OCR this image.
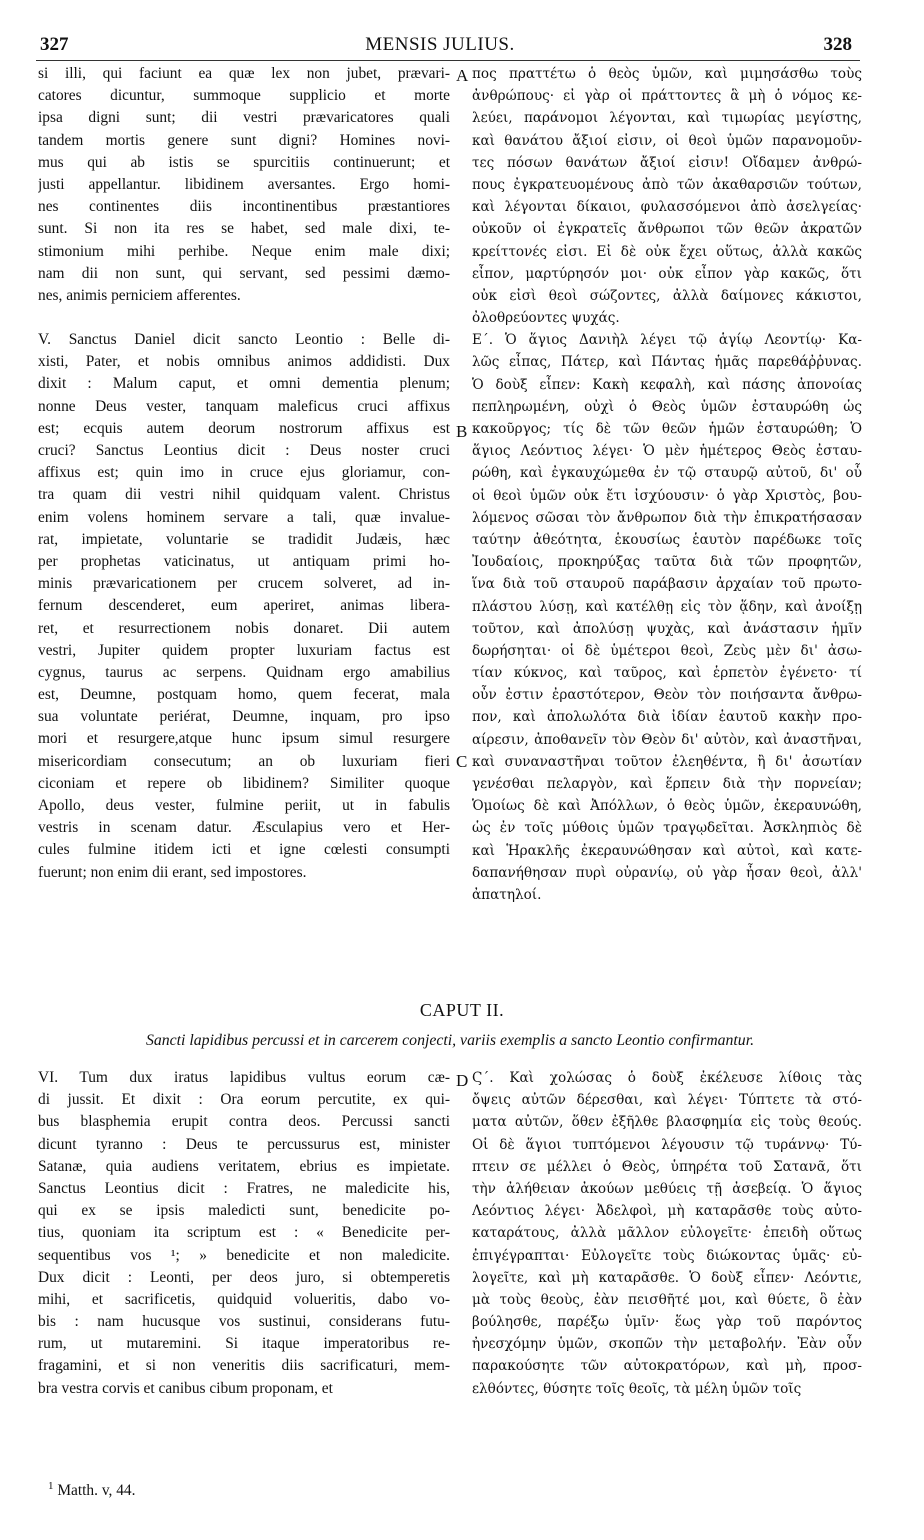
327	MENSIS JULIUS.	328
si illi, qui faciunt ea quæ lex non jubet, prævari-
catores dicuntur, summoque supplicio et morte
ipsa digni sunt; dii vestri prævaricatores quali
tandem mortis genere sunt digni? Homines novi-
mus qui ab istis se spurcitiis continuerunt; et
justi appellantur. libidinem aversantes. Ergo homi-
nes continentes diis incontinentibus præstantiores
sunt. Si non ita res se habet, sed male dixi, te-
stimonium mihi perhibe. Neque enim male dixi;
nam dii non sunt, qui servant, sed pessimi dæmo-
nes, animis perniciem afferentes.
V. Sanctus Daniel dicit sancto Leontio : Belle di-
xisti, Pater, et nobis omnibus animos addidisti. Dux
dixit : Malum caput, et omni dementia plenum;
nonne Deus vester, tanquam maleficus cruci affixus
est; ecquis autem deorum nostrorum affixus est
cruci? Sanctus Leontius dicit : Deus noster cruci
affixus est; quin imo in cruce ejus gloriamur, con-
tra quam dii vestri nihil quidquam valent. Christus
enim volens hominem servare a tali, quæ invalue-
rat, impietate, voluntarie se tradidit Judæis, hæc
per prophetas vaticinatus, ut antiquam primi ho-
minis prævaricationem per crucem solveret, ad in-
fernum descenderet, eum aperiret, animas libera-
ret, et resurrectionem nobis donaret. Dii autem
vestri, Jupiter quidem propter luxuriam factus est
cygnus, taurus ac serpens. Quidnam ergo amabilius
est, Deumne, postquam homo, quem fecerat, mala
sua voluntate periérat, Deumne, inquam, pro ipso
mori et resurgere,atque hunc ipsum simul resurgere
misericordiam consecutum; an ob luxuriam fieri
ciconiam et repere ob libidinem? Similiter quoque
Apollo, deus vester, fulmine periit, ut in fabulis
vestris in scenam datur. Æsculapius vero et Her-
cules fulmine itidem icti et igne cœlesti consumpti
fuerunt; non enim dii erant, sed impostores.
πος πραττέτω ὁ θεὸς ὑμῶν, καὶ μιμησάσθω τοὺς
ἀνθρώπους· εἰ γὰρ οἱ πράττοντες ἃ μὴ ὁ νόμος κε-
λεύει, παράνομοι λέγονται, καὶ τιμωρίας μεγίστης,
καὶ θανάτου ἄξιοί εἰσιν, οἱ θεοὶ ὑμῶν παρανομοῦν-
τες πόσων θανάτων ἄξιοί εἰσιν! Οἴδαμεν ἀνθρώ-
πους ἐγκρατευομένους ἀπὸ τῶν ἀκαθαρσιῶν τούτων,
καὶ λέγονται δίκαιοι, φυλασσόμενοι ἀπὸ ἀσελγείας·
οὐκοῦν οἱ ἐγκρατεῖς ἄνθρωποι τῶν θεῶν ἀκρατῶν
κρείττονές εἰσι. Εἰ δὲ οὐκ ἔχει οὕτως, ἀλλὰ κακῶς
εἶπον, μαρτύρησόν μοι· οὐκ εἶπον γὰρ κακῶς, ὅτι
οὐκ εἰσὶ θεοὶ σώζοντες, ἀλλὰ δαίμονες κάκιστοι,
ὀλοθρεύοντες ψυχάς.
Ε΄. Ὁ ἅγιος Δανιὴλ λέγει τῷ ἁγίῳ Λεοντίῳ· Κα-
λῶς εἶπας, Πάτερ, καὶ Πάντας ἡμᾶς παρεθάῤῥυνας.
Ὁ δοὺξ εἶπεν: Κακὴ κεφαλὴ, καὶ πάσης ἀπονοίας
πεπληρωμένη, οὐχὶ ὁ Θεὸς ὑμῶν ἐσταυρώθη ὡς
κακοῦργος; τίς δὲ τῶν θεῶν ἡμῶν ἐσταυρώθη; Ὁ
ἅγιος Λεόντιος λέγει· Ὁ μὲν ἡμέτερος Θεὸς ἐσταυ-
ρώθη, καὶ ἐγκαυχώμεθα ἐν τῷ σταυρῷ αὐτοῦ, δι' οὗ
οἱ θεοὶ ὑμῶν οὐκ ἔτι ἰσχύουσιν· ὁ γὰρ Χριστὸς, βου-
λόμενος σῶσαι τὸν ἄνθρωπον διὰ τὴν ἐπικρατήσασαν
ταύτην ἀθεότητα, ἑκουσίως ἑαυτὸν παρέδωκε τοῖς
Ἰουδαίοις, προκηρύξας ταῦτα διὰ τῶν προφητῶν,
ἵνα διὰ τοῦ σταυροῦ παράβασιν ἀρχαίαν τοῦ πρωτο-
πλάστου λύσῃ, καὶ κατέλθῃ εἰς τὸν ᾅδην, καὶ ἀνοίξῃ
τοῦτον, καὶ ἀπολύσῃ ψυχὰς, καὶ ἀνάστασιν ἡμῖν
δωρήσηται· οἱ δὲ ὑμέτεροι θεοὶ, Ζεὺς μὲν δι' ἀσω-
τίαν κύκνος, καὶ ταῦρος, καὶ ἑρπετὸν ἐγένετο· τί
οὖν ἐστιν ἐραστότερον, Θεὸν τὸν ποιήσαντα ἄνθρω-
πον, καὶ ἀπολωλότα διὰ ἰδίαν ἑαυτοῦ κακὴν προ-
αίρεσιν, ἀποθανεῖν τὸν Θεὸν δι' αὐτὸν, καὶ ἀναστῆναι,
καὶ συναναστῆναι τοῦτον ἐλεηθέντα, ἢ δι' ἀσωτίαν
γενέσθαι πελαργὸν, καὶ ἕρπειν διὰ τὴν πορνείαν;
Ὁμοίως δὲ καὶ Ἀπόλλων, ὁ θεὸς ὑμῶν, ἐκεραυνώθη,
ὡς ἐν τοῖς μύθοις ὑμῶν τραγῳδεῖται. Ἀσκληπιὸς δὲ
καὶ Ἡρακλῆς ἐκεραυνώθησαν καὶ αὐτοὶ, καὶ κατε-
δαπανήθησαν πυρὶ οὐρανίῳ, οὐ γὰρ ἦσαν θεοὶ, ἀλλ'
ἀπατηλοί.
A
B
C
D
CAPUT II.
Sancti lapidibus percussi et in carcerem conjecti, variis exemplis a sancto Leontio confirmantur.
VI. Tum dux iratus lapidibus vultus eorum cæ-
di jussit. Et dixit : Ora eorum percutite, ex qui-
bus blasphemia erupit contra deos. Percussi sancti
dicunt tyranno : Deus te percussurus est, minister
Satanæ, quia audiens veritatem, ebrius es impietate.
Sanctus Leontius dicit : Fratres, ne maledicite his,
qui ex se ipsis maledicti sunt, benedicite po-
tius, quoniam ita scriptum est : « Benedicite per-
sequentibus vos ¹; » benedicite et non maledicite.
Dux dicit : Leonti, per deos juro, si obtemperetis
mihi, et sacrificetis, quidquid volueritis, dabo vo-
bis : nam hucusque vos sustinui, considerans futu-
rum, ut mutaremini. Si itaque imperatoribus re-
fragamini, et si non veneritis diis sacrificaturi, mem-
bra vestra corvis et canibus cibum proponam, et
Ϛ΄. Καὶ χολώσας ὁ δοὺξ ἐκέλευσε λίθοις τὰς
ὄψεις αὐτῶν δέρεσθαι, καὶ λέγει· Τύπτετε τὰ στό-
ματα αὐτῶν, ὅθεν ἐξῆλθε βλασφημία εἰς τοὺς θεούς.
Οἱ δὲ ἅγιοι τυπτόμενοι λέγουσιν τῷ τυράννῳ· Τύ-
πτειν σε μέλλει ὁ Θεὸς, ὑπηρέτα τοῦ Σατανᾶ, ὅτι
τὴν ἀλήθειαν ἀκούων μεθύεις τῇ ἀσεβείᾳ. Ὁ ἅγιος
Λεόντιος λέγει· Ἀδελφοὶ, μὴ καταρᾶσθε τοὺς αὐτο-
καταράτους, ἀλλὰ μᾶλλον εὐλογεῖτε· ἐπειδὴ οὕτως
ἐπιγέγραπται· Εὐλογεῖτε τοὺς διώκοντας ὑμᾶς· εὐ-
λογεῖτε, καὶ μὴ καταρᾶσθε. Ὁ δοὺξ εἶπεν· Λεόντιε,
μὰ τοὺς θεοὺς, ἐὰν πεισθῆτέ μοι, καὶ θύετε, ὃ ἐὰν
βούλησθε, παρέξω ὑμῖν· ἕως γὰρ τοῦ παρόντος
ἠνεσχόμην ὑμῶν, σκοπῶν τὴν μεταβολήν. Ἐὰν οὖν
παρακούσητε τῶν αὐτοκρατόρων, καὶ μὴ, προσ-
ελθόντες, θύσητε τοῖς θεοῖς, τὰ μέλη ὑμῶν τοῖς
$^1$ Matth. v, 44.
